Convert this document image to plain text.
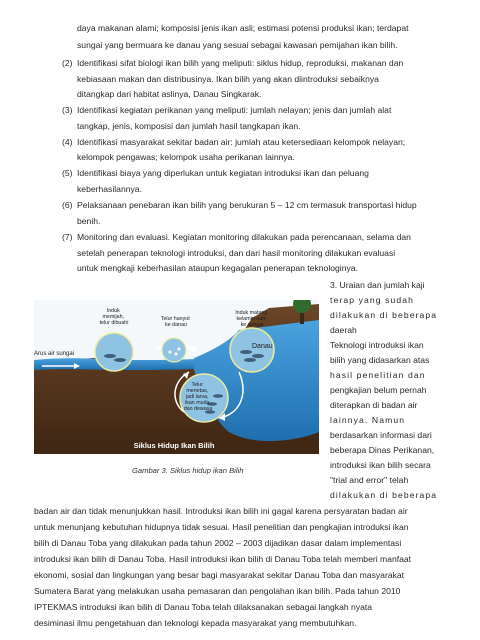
daya makanan alami; komposisi jenis ikan asli; estimasi potensi produksi ikan; terdapat
sungai yang bermuara ke danau yang sesuai sebagai kawasan pemijahan ikan bilih.
(2) Identifikasi sifat biologi ikan bilih yang meliputi: siklus hidup, reproduksi, makanan dan
kebiasaan makan dan distribusinya. Ikan bilih yang akan diintroduksi sebaiknya
ditangkap dari habitat aslinya, Danau Singkarak.
(3) Identifikasi kegiatan perikanan yang meliputi: jumlah nelayan; jenis dan jumlah alat
tangkap, jenis, komposisi dan jumlah hasil tangkapan ikan.
(4) Identifikasi masyarakat sekitar badan air: jumlah atau ketersediaan kelompok nelayan;
kelompok pengawas; kelompok usaha perikanan lainnya.
(5) Identifikasi biaya yang diperlukan untuk kegiatan introduksi ikan dan peluang
keberhasilannya.
(6) Pelaksanaan penebaran ikan bilih yang berukuran 5 – 12 cm termasuk transportasi hidup
benih.
(7) Monitoring dan evaluasi. Kegiatan monitoring dilakukan pada perencanaan, selama dan
setelah penerapan teknologi introduksi, dan dari hasil monitoring dilakukan evaluasi
untuk mengkaji keberhasilan ataupun kegagalan penerapan teknologinya.
Arus air sungai
Danau
Induk memijah, telur dibuahi
Telur hanyut ke danau
Induk matang kelamin naik ke sungai
Telur menetas, jadi larva, ikan muda dan dewasa
Siklus Hidup Ikan Bilih
Gambar 3. Siklus hidup ikan Bilih
3. Uraian dan jumlah kaji
terap yang sudah
dilakukan di beberapa
daerah
Teknologi introduksi ikan
bilih yang didasarkan atas
hasil penelitian dan
pengkajian belum pernah
diterapkan di badan air
lainnya. Namun
berdasarkan informasi dari
beberapa Dinas Perikanan,
introduksi ikan bilih secara
"trial and error" telah
dilakukan di beberapa
badan air dan tidak menunjukkan hasil. Introduksi ikan bilih ini gagal karena persyaratan badan air
untuk menunjang kebutuhan hidupnya tidak sesuai. Hasil penelitian dan pengkajian introduksi ikan
bilih di Danau Toba yang dilakukan pada tahun 2002 – 2003 dijadikan dasar dalam implementasi
introduksi ikan bilih di Danau Toba. Hasil introduksi ikan bilih di Danau Toba telah memberi manfaat
ekonomi, sosial dan lingkungan yang besar bagi masyarakat sekitar Danau Toba dan masyarakat
Sumatera Barat yang melakukan usaha pemasaran dan pengolahan ikan bilih. Pada tahun 2010
IPTEKMAS introduksi ikan bilih di Danau Toba telah dilaksanakan sebagai langkah nyata
desiminasi ilmu pengetahuan dan teknologi kepada masyarakat yang membutuhkan.
